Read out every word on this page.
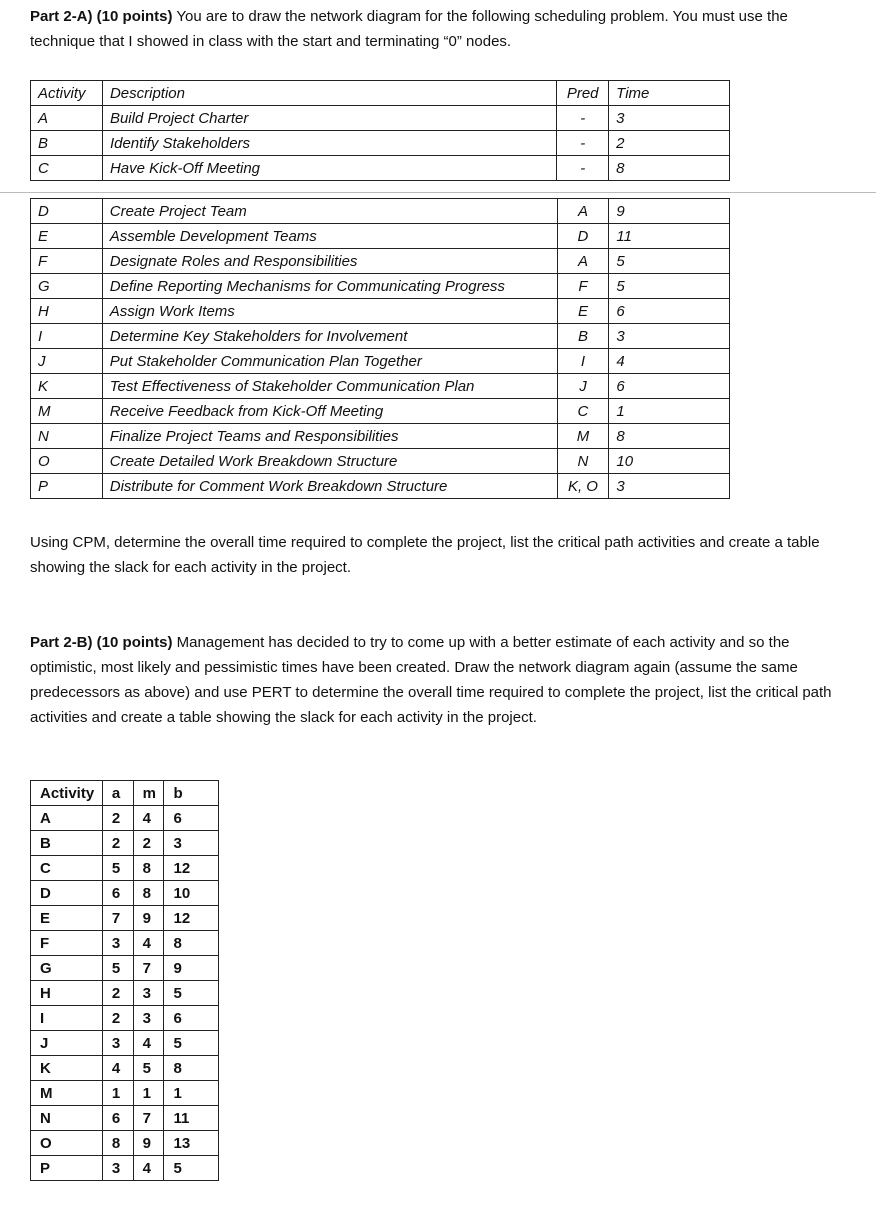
Part 2-A) (10 points) You are to draw the network diagram for the following scheduling problem. You must use the technique that I showed in class with the start and terminating “0” nodes.

Activity	Description	Pred	Time
A	Build Project Charter	-	3
B	Identify Stakeholders	-	2
C	Have Kick-Off Meeting	-	8
D	Create Project Team	A	9
E	Assemble Development Teams	D	11
F	Designate Roles and Responsibilities	A	5
G	Define Reporting Mechanisms for Communicating Progress	F	5
H	Assign Work Items	E	6
I	Determine Key Stakeholders for Involvement	B	3
J	Put Stakeholder Communication Plan Together	I	4
K	Test Effectiveness of Stakeholder Communication Plan	J	6
M	Receive Feedback from Kick-Off Meeting	C	1
N	Finalize Project Teams and Responsibilities	M	8
O	Create Detailed Work Breakdown Structure	N	10
P	Distribute for Comment Work Breakdown Structure	K, O	3

Using CPM, determine the overall time required to complete the project, list the critical path activities and create a table showing the slack for each activity in the project.

Part 2-B) (10 points) Management has decided to try to come up with a better estimate of each activity and so the optimistic, most likely and pessimistic times have been created. Draw the network diagram again (assume the same predecessors as above) and use PERT to determine the overall time required to complete the project, list the critical path activities and create a table showing the slack for each activity in the project.

Activity	a	m	b
A	2	4	6
B	2	2	3
C	5	8	12
D	6	8	10
E	7	9	12
F	3	4	8
G	5	7	9
H	2	3	5
I	2	3	6
J	3	4	5
K	4	5	8
M	1	1	1
N	6	7	11
O	8	9	13
P	3	4	5
